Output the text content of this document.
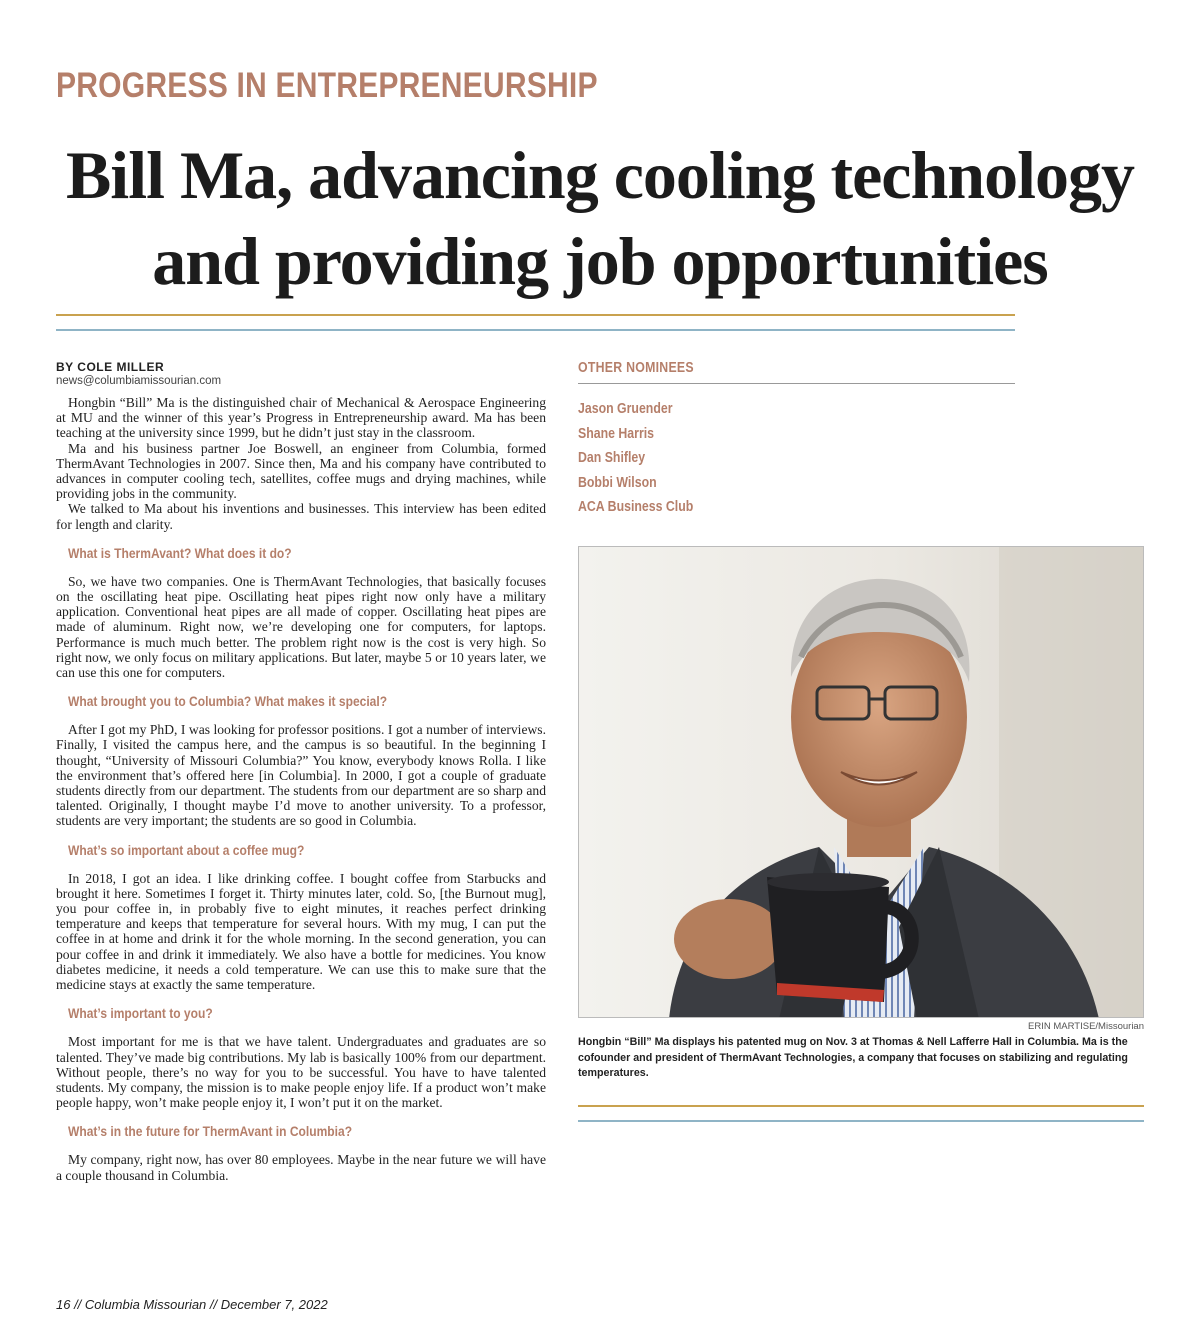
PROGRESS IN ENTREPRENEURSHIP
Bill Ma, advancing cooling technology
and providing job opportunities
BY COLE MILLER
news@columbiamissourian.com

Hongbin “Bill” Ma is the distinguished chair of Mechanical & Aerospace Engineering at MU and the winner of this year’s Progress in Entrepreneurship award. Ma has been teaching at the university since 1999, but he didn’t just stay in the classroom.

Ma and his business partner Joe Boswell, an engineer from Columbia, formed ThermAvant Technologies in 2007. Since then, Ma and his company have contributed to advances in computer cooling tech, satellites, coffee mugs and drying machines, while providing jobs in the community.

We talked to Ma about his inventions and businesses. This interview has been edited for length and clarity.

What is ThermAvant? What does it do?

So, we have two companies. One is ThermAvant Technologies, that basically focuses on the oscillating heat pipe. Oscillating heat pipes right now only have a military application. Conventional heat pipes are all made of copper. Oscillating heat pipes are made of aluminum. Right now, we’re developing one for computers, for laptops. Performance is much much better. The problem right now is the cost is very high. So right now, we only focus on military applications. But later, maybe 5 or 10 years later, we can use this one for computers.

What brought you to Columbia? What makes it special?

After I got my PhD, I was looking for professor positions. I got a number of interviews. Finally, I visited the campus here, and the campus is so beautiful. In the beginning I thought, “University of Missouri Columbia?” You know, everybody knows Rolla. I like the environment that’s offered here [in Columbia]. In 2000, I got a couple of graduate students directly from our department. The students from our department are so sharp and talented. Originally, I thought maybe I’d move to another university. To a professor, students are very important; the students are so good in Columbia.

What’s so important about a coffee mug?

In 2018, I got an idea. I like drinking coffee. I bought coffee from Starbucks and brought it here. Sometimes I forget it. Thirty minutes later, cold. So, [the Burnout mug], you pour coffee in, in probably five to eight minutes, it reaches perfect drinking temperature and keeps that temperature for several hours. With my mug, I can put the coffee in at home and drink it for the whole morning. In the second generation, you can pour coffee in and drink it immediately. We also have a bottle for medicines. You know diabetes medicine, it needs a cold temperature. We can use this to make sure that the medicine stays at exactly the same temperature.

What’s important to you?

Most important for me is that we have talent. Undergraduates and graduates are so talented. They’ve made big contributions. My lab is basically 100% from our department. Without people, there’s no way for you to be successful. You have to have talented students. My company, the mission is to make people enjoy life. If a product won’t make people happy, won’t make people enjoy it, I won’t put it on the market.

What’s in the future for ThermAvant in Columbia?

My company, right now, has over 80 employees. Maybe in the near future we will have a couple thousand in Columbia.

OTHER NOMINEES
Jason Gruender
Shane Harris
Dan Shifley
Bobbi Wilson
ACA Business Club
ERIN MARTISE/Missourian
Hongbin “Bill” Ma displays his patented mug on Nov. 3 at Thomas & Nell Lafferre Hall in Columbia. Ma is the cofounder and president of ThermAvant Technologies, a company that focuses on stabilizing and regulating temperatures.
16 // Columbia Missourian // December 7, 2022
